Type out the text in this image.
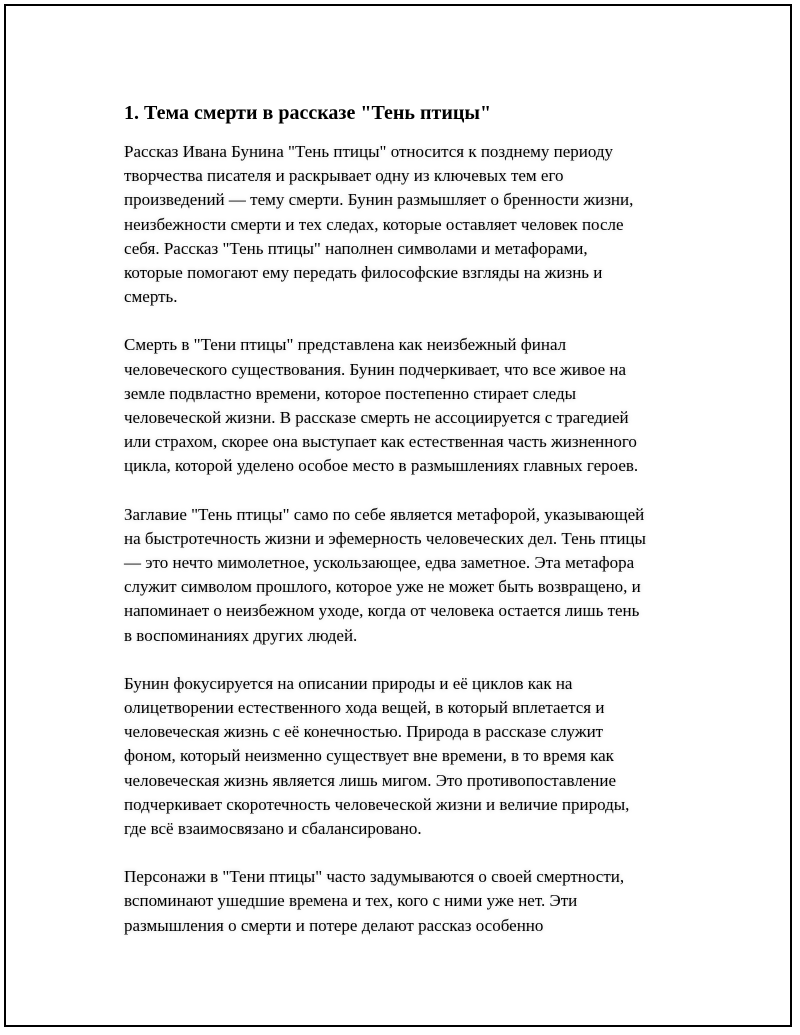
1. Тема смерти в рассказе "Тень птицы"

Рассказ Ивана Бунина "Тень птицы" относится к позднему периоду
творчества писателя и раскрывает одну из ключевых тем его
произведений — тему смерти. Бунин размышляет о бренности жизни,
неизбежности смерти и тех следах, которые оставляет человек после
себя. Рассказ "Тень птицы" наполнен символами и метафорами,
которые помогают ему передать философские взгляды на жизнь и
смерть.

Смерть в "Тени птицы" представлена как неизбежный финал
человеческого существования. Бунин подчеркивает, что все живое на
земле подвластно времени, которое постепенно стирает следы
человеческой жизни. В рассказе смерть не ассоциируется с трагедией
или страхом, скорее она выступает как естественная часть жизненного
цикла, которой уделено особое место в размышлениях главных героев.

Заглавие "Тень птицы" само по себе является метафорой, указывающей
на быстротечность жизни и эфемерность человеческих дел. Тень птицы
— это нечто мимолетное, ускользающее, едва заметное. Эта метафора
служит символом прошлого, которое уже не может быть возвращено, и
напоминает о неизбежном уходе, когда от человека остается лишь тень
в воспоминаниях других людей.

Бунин фокусируется на описании природы и её циклов как на
олицетворении естественного хода вещей, в который вплетается и
человеческая жизнь с её конечностью. Природа в рассказе служит
фоном, который неизменно существует вне времени, в то время как
человеческая жизнь является лишь мигом. Это противопоставление
подчеркивает скоротечность человеческой жизни и величие природы,
где всё взаимосвязано и сбалансировано.

Персонажи в "Тени птицы" часто задумываются о своей смертности,
вспоминают ушедшие времена и тех, кого с ними уже нет. Эти
размышления о смерти и потере делают рассказ особенно
